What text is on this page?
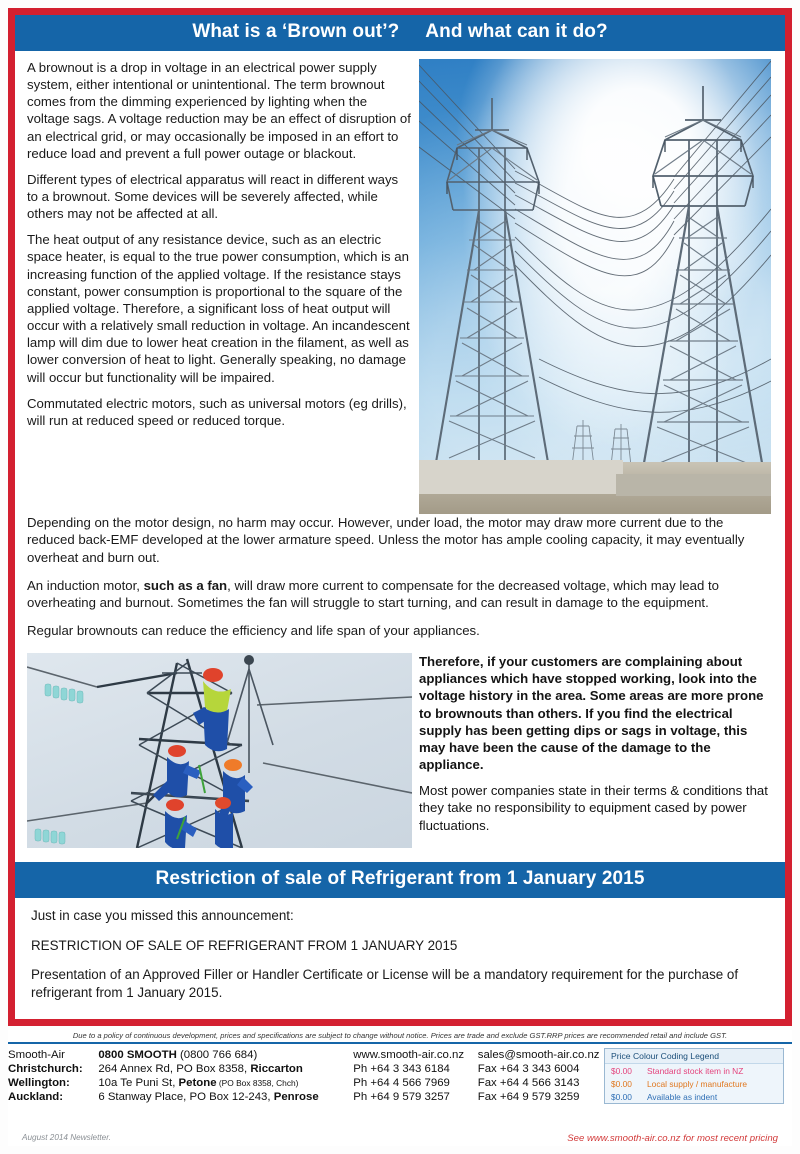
What is a ‘Brown out’? And what can it do?

A brownout is a drop in voltage in an electrical power supply system, either intentional or unintentional. The term brownout comes from the dimming experienced by lighting when the voltage sags. A voltage reduction may be an effect of disruption of an electrical grid, or may occasionally be imposed in an effort to reduce load and prevent a full power outage or blackout.

Different types of electrical apparatus will react in different ways to a brownout. Some devices will be severely affected, while others may not be affected at all.

The heat output of any resistance device, such as an electric space heater, is equal to the true power consumption, which is an increasing function of the applied voltage. If the resistance stays constant, power consumption is proportional to the square of the applied voltage. Therefore, a significant loss of heat output will occur with a relatively small reduction in voltage. An incandescent lamp will dim due to lower heat creation in the filament, as well as lower conversion of heat to light. Generally speaking, no damage will occur but functionality will be impaired.

Commutated electric motors, such as universal motors (eg drills), will run at reduced speed or reduced torque.

Depending on the motor design, no harm may occur. However, under load, the motor may draw more current due to the reduced back-EMF developed at the lower armature speed. Unless the motor has ample cooling capacity, it may eventually overheat and burn out.

An induction motor, such as a fan, will draw more current to compensate for the decreased voltage, which may lead to overheating and burnout. Sometimes the fan will struggle to start turning, and can result in damage to the equipment.

Regular brownouts can reduce the efficiency and life span of your appliances.

Therefore, if your customers are complaining about appliances which have stopped working, look into the voltage history in the area. Some areas are more prone to brownouts than others. If you find the electrical supply has been getting dips or sags in voltage, this may have been the cause of the damage to the appliance.

Most power companies state in their terms & conditions that they take no responsibility to equipment cased by power fluctuations.

Restriction of sale of Refrigerant from 1 January 2015

Just in case you missed this announcement:

RESTRICTION OF SALE OF REFRIGERANT FROM 1 JANUARY 2015

Presentation of an Approved Filler or Handler Certificate or License will be a mandatory requirement for the purchase of refrigerant from 1 January 2015.

Due to a policy of continuous development, prices and specifications are subject to change without notice. Prices are trade and exclude GST.RRP prices are recommended retail and include GST.
Smooth-Air	0800 SMOOTH (0800 766 684)	www.smooth-air.co.nz	sales@smooth-air.co.nz
Christchurch:	264 Annex Rd, PO Box 8358, Riccarton	Ph +64 3 343 6184	Fax +64 3 343 6004
Wellington:	10a Te Puni St, Petone (PO Box 8358, Chch)	Ph +64 4 566 7969	Fax +64 4 566 3143
Auckland:	6 Stanway Place, PO Box 12-243, Penrose	Ph +64 9 579 3257	Fax +64 9 579 3259
Price Colour Coding Legend
$0.00	Standard stock item in NZ
$0.00	Local supply / manufacture
$0.00	Available as indent
August 2014 Newsletter.	See www.smooth-air.co.nz for most recent pricing
